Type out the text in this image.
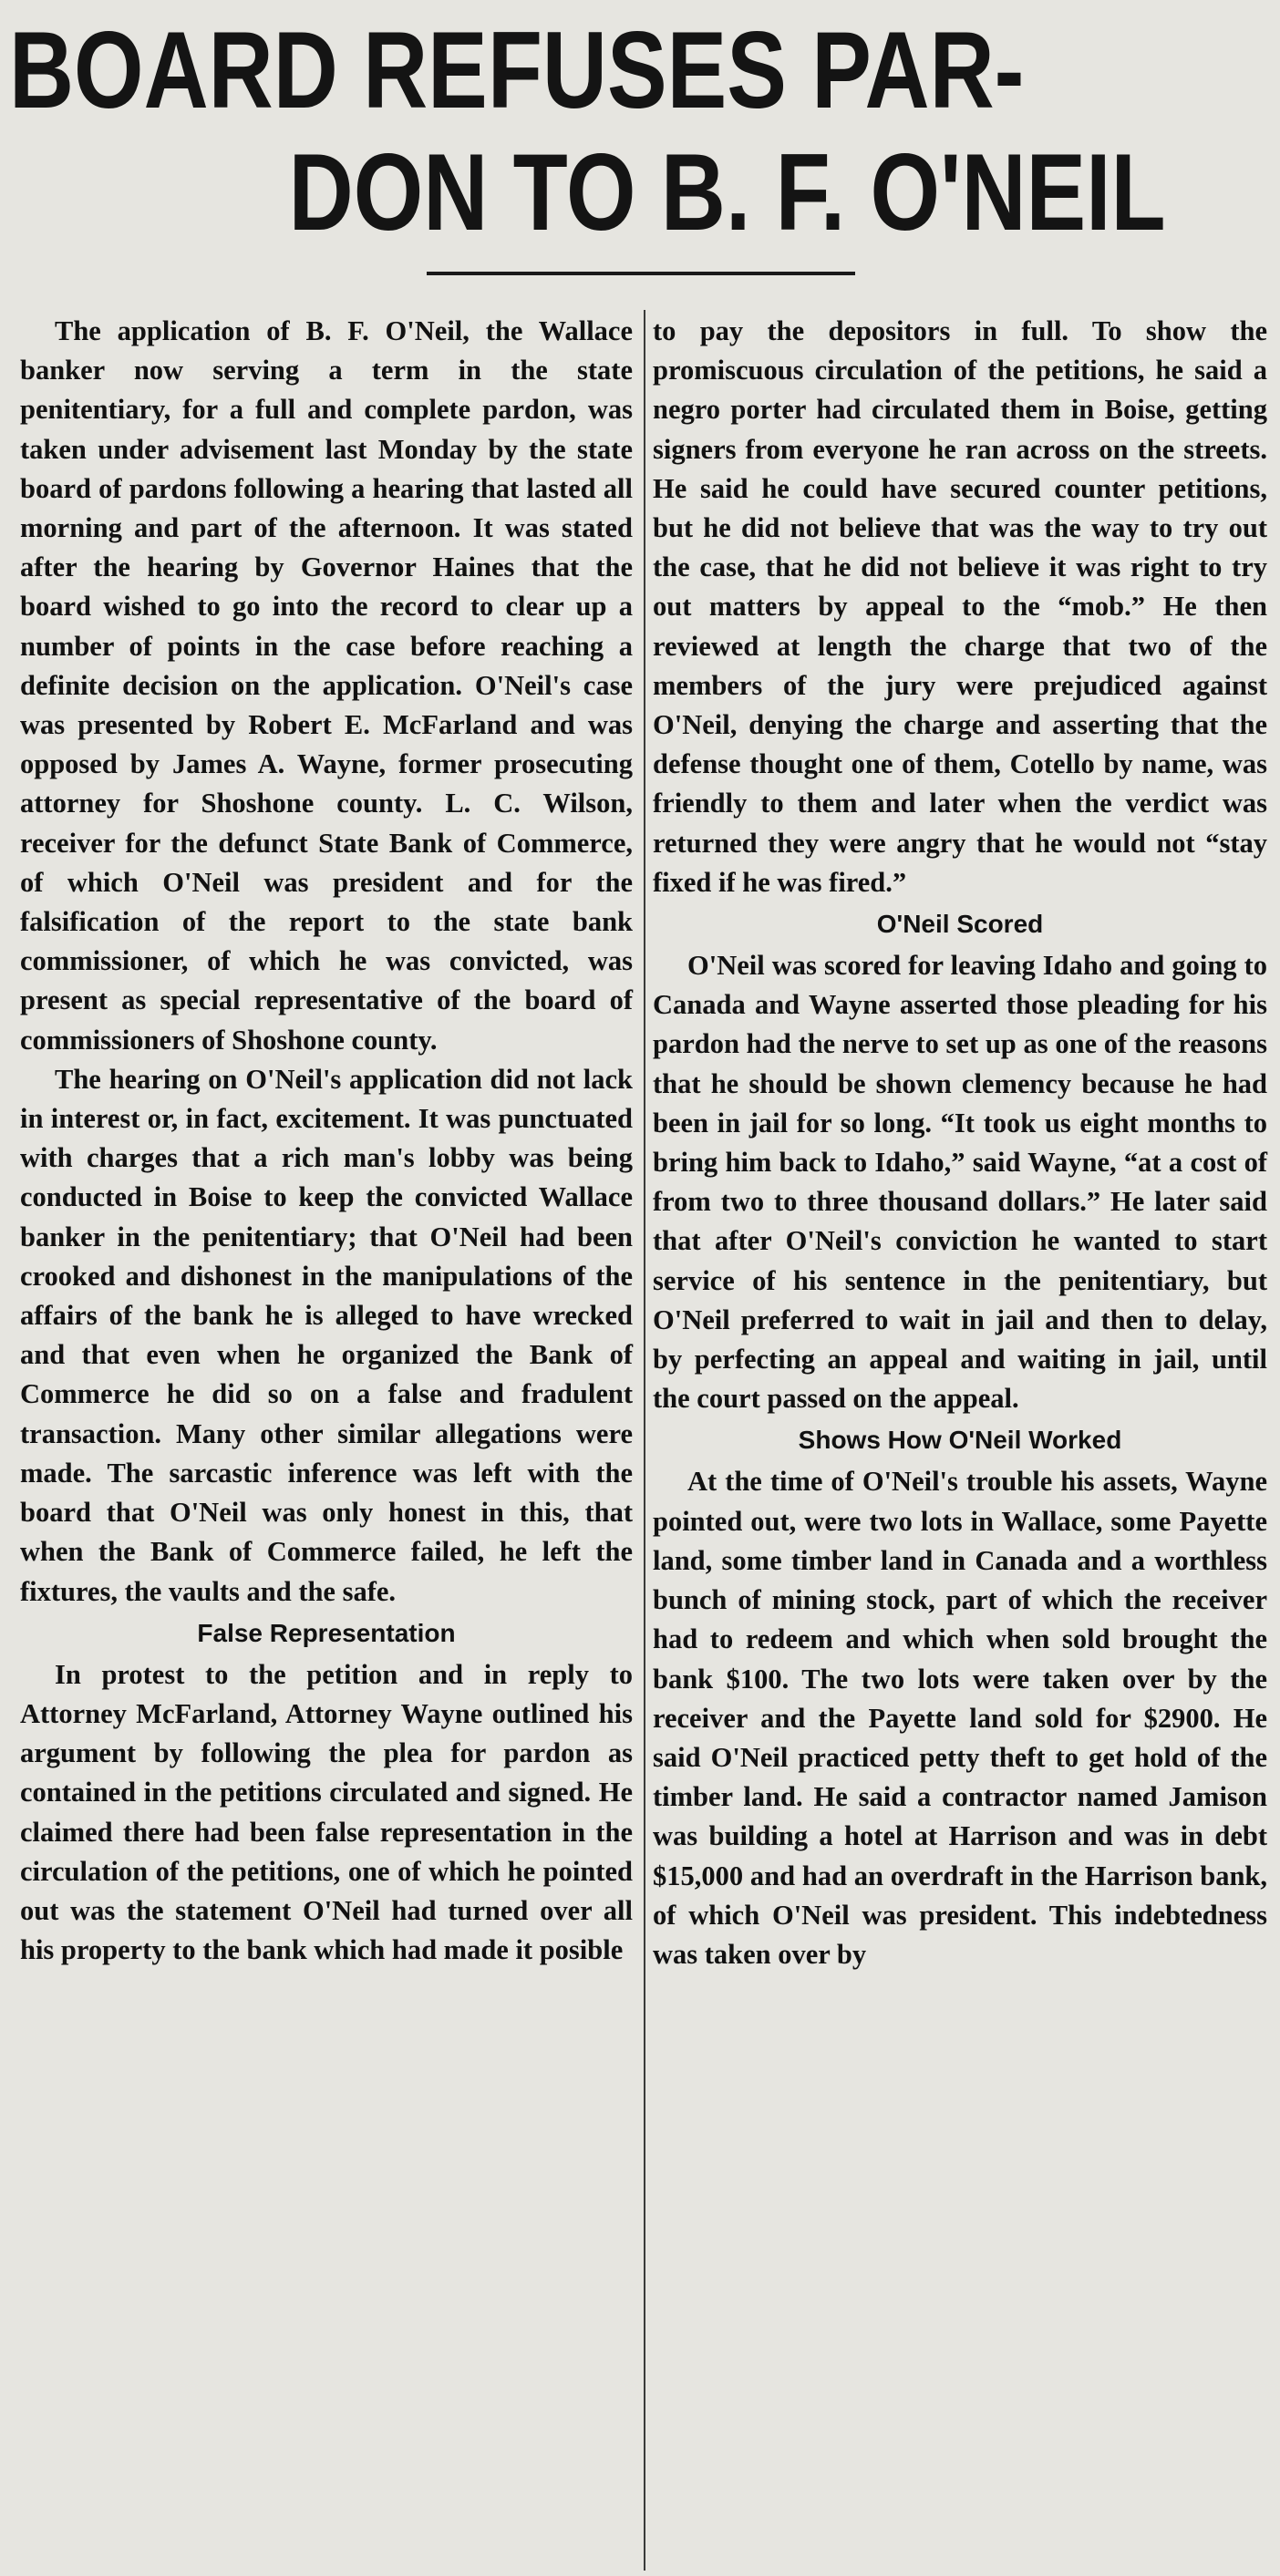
BOARD REFUSES PAR-
DON TO B. F. O'NEIL

The application of B. F. O'Neil, the Wallace banker now serving a term in the state penitentiary, for a full and complete pardon, was taken under advisement last Monday by the state board of pardons following a hearing that lasted all morning and part of the afternoon. It was stated after the hearing by Governor Haines that the board wished to go into the record to clear up a number of points in the case before reaching a definite decision on the application. O'Neil's case was presented by Robert E. McFarland and was opposed by James A. Wayne, former prosecuting attorney for Shoshone county. L. C. Wilson, receiver for the defunct State Bank of Commerce, of which O'Neil was president and for the falsification of the report to the state bank commissioner, of which he was convicted, was present as special representative of the board of commissioners of Shoshone county.

The hearing on O'Neil's application did not lack in interest or, in fact, excitement. It was punctuated with charges that a rich man's lobby was being conducted in Boise to keep the convicted Wallace banker in the penitentiary; that O'Neil had been crooked and dishonest in the manipulations of the affairs of the bank he is alleged to have wrecked and that even when he organized the Bank of Commerce he did so on a false and fradulent transaction. Many other similar allegations were made. The sarcastic inference was left with the board that O'Neil was only honest in this, that when the Bank of Commerce failed, he left the fixtures, the vaults and the safe.

False Representation

In protest to the petition and in reply to Attorney McFarland, Attorney Wayne outlined his argument by following the plea for pardon as contained in the petitions circulated and signed. He claimed there had been false representation in the circulation of the petitions, one of which he pointed out was the statement O'Neil had turned over all his property to the bank which had made it posible

to pay the depositors in full. To show the promiscuous circulation of the petitions, he said a negro porter had circulated them in Boise, getting signers from everyone he ran across on the streets. He said he could have secured counter petitions, but he did not believe that was the way to try out the case, that he did not believe it was right to try out matters by appeal to the “mob.” He then reviewed at length the charge that two of the members of the jury were prejudiced against O'Neil, denying the charge and asserting that the defense thought one of them, Cotello by name, was friendly to them and later when the verdict was returned they were angry that he would not “stay fixed if he was fired.”

O'Neil Scored

O'Neil was scored for leaving Idaho and going to Canada and Wayne asserted those pleading for his pardon had the nerve to set up as one of the reasons that he should be shown clemency because he had been in jail for so long. “It took us eight months to bring him back to Idaho,” said Wayne, “at a cost of from two to three thousand dollars.” He later said that after O'Neil's conviction he wanted to start service of his sentence in the penitentiary, but O'Neil preferred to wait in jail and then to delay, by perfecting an appeal and waiting in jail, until the court passed on the appeal.

Shows How O'Neil Worked

At the time of O'Neil's trouble his assets, Wayne pointed out, were two lots in Wallace, some Payette land, some timber land in Canada and a worthless bunch of mining stock, part of which the receiver had to redeem and which when sold brought the bank $100. The two lots were taken over by the receiver and the Payette land sold for $2900. He said O'Neil practiced petty theft to get hold of the timber land. He said a contractor named Jamison was building a hotel at Harrison and was in debt $15,000 and had an overdraft in the Harrison bank, of which O'Neil was president. This indebtedness was taken over by
